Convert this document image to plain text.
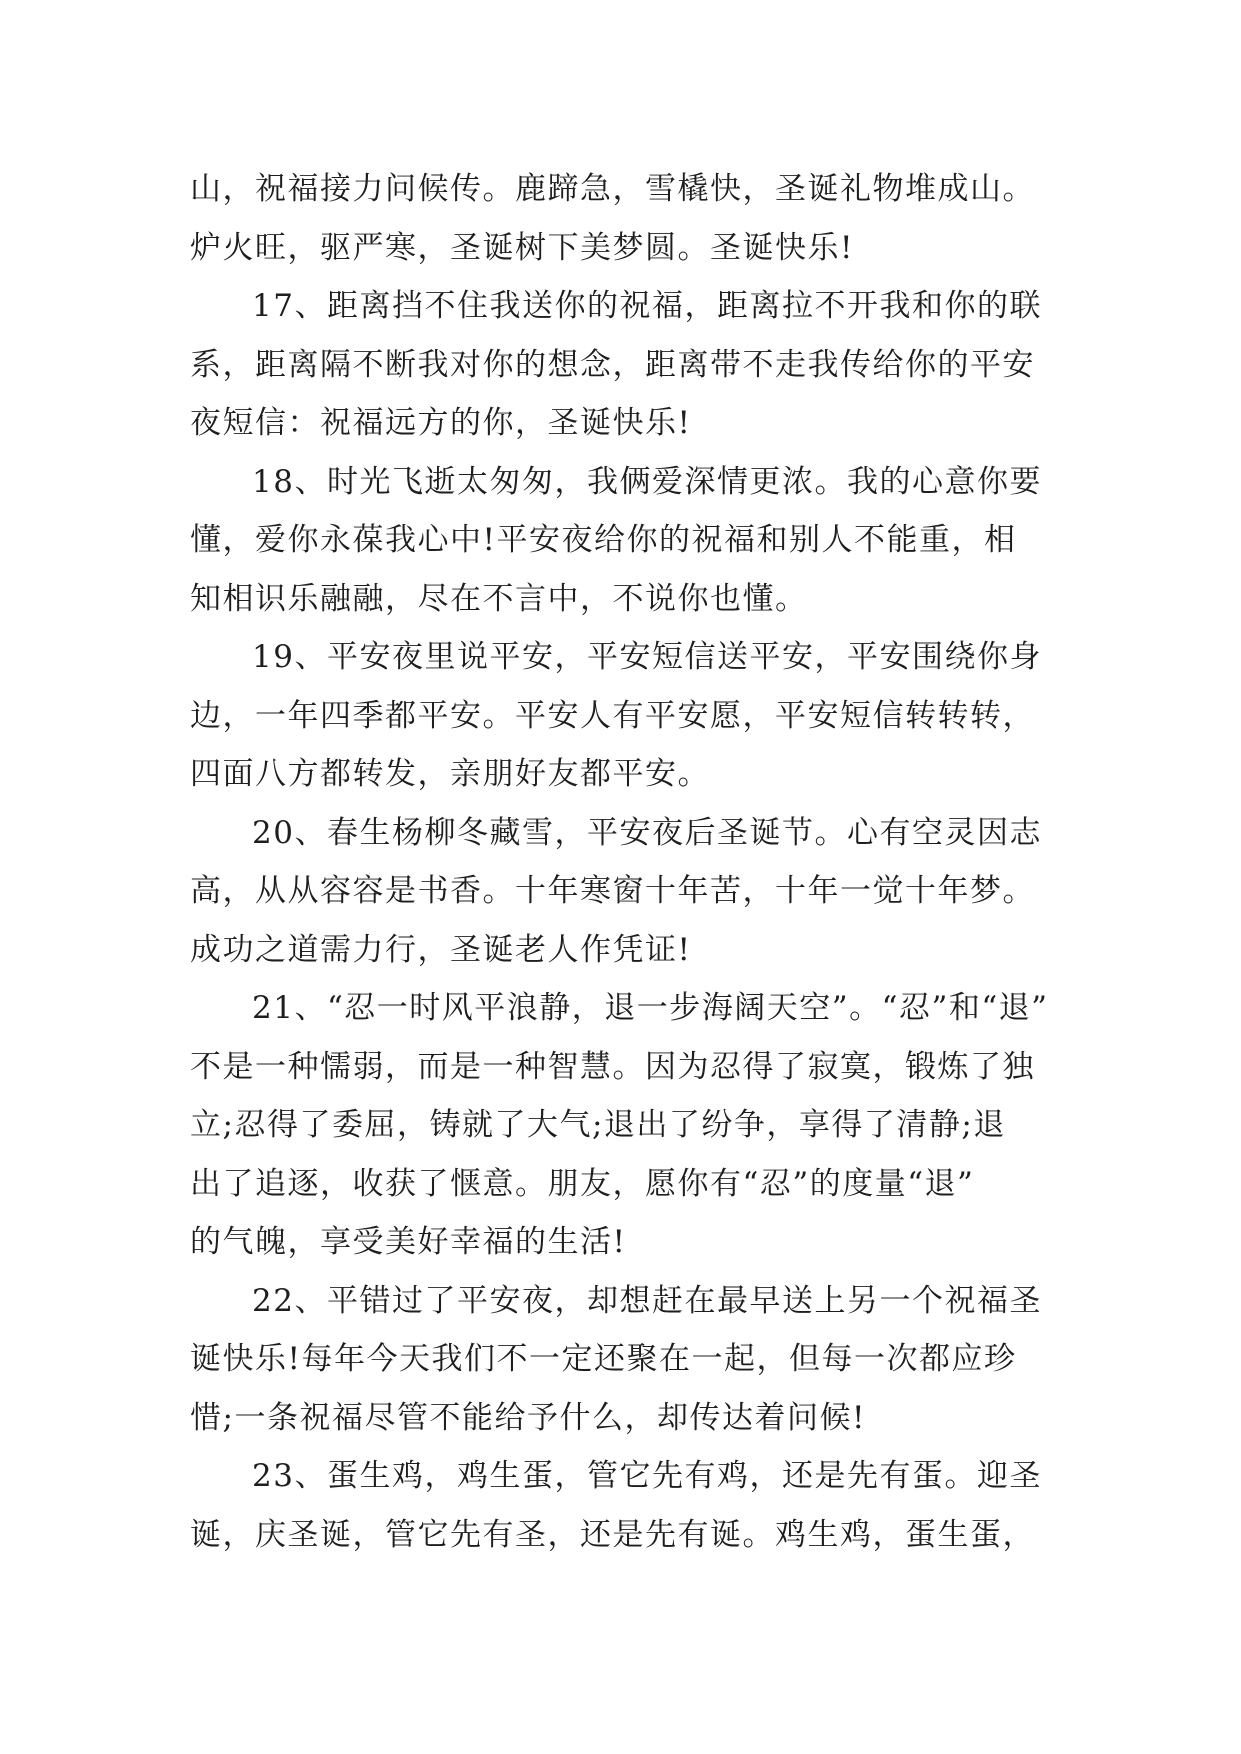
山，祝福接力问候传。鹿蹄急，雪橇快，圣诞礼物堆成山。
炉火旺，驱严寒，圣诞树下美梦圆。圣诞快乐!
17、距离挡不住我送你的祝福，距离拉不开我和你的联
系，距离隔不断我对你的想念，距离带不走我传给你的平安
夜短信：祝福远方的你，圣诞快乐!
18、时光飞逝太匆匆，我俩爱深情更浓。我的心意你要
懂，爱你永葆我心中!平安夜给你的祝福和别人不能重，相
知相识乐融融，尽在不言中，不说你也懂。
19、平安夜里说平安，平安短信送平安，平安围绕你身
边，一年四季都平安。平安人有平安愿，平安短信转转转，
四面八方都转发，亲朋好友都平安。
20、春生杨柳冬藏雪，平安夜后圣诞节。心有空灵因志
高，从从容容是书香。十年寒窗十年苦，十年一觉十年梦。
成功之道需力行，圣诞老人作凭证!
21、“忍一时风平浪静，退一步海阔天空”。“忍”和“退”
不是一种懦弱，而是一种智慧。因为忍得了寂寞，锻炼了独
立;忍得了委屈，铸就了大气;退出了纷争，享得了清静;退
出了追逐，收获了惬意。朋友，愿你有“忍”的度量“退”
的气魄，享受美好幸福的生活!
22、平错过了平安夜，却想赶在最早送上另一个祝福圣
诞快乐!每年今天我们不一定还聚在一起，但每一次都应珍
惜;一条祝福尽管不能给予什么，却传达着问候!
23、蛋生鸡，鸡生蛋，管它先有鸡，还是先有蛋。迎圣
诞，庆圣诞，管它先有圣，还是先有诞。鸡生鸡，蛋生蛋，
